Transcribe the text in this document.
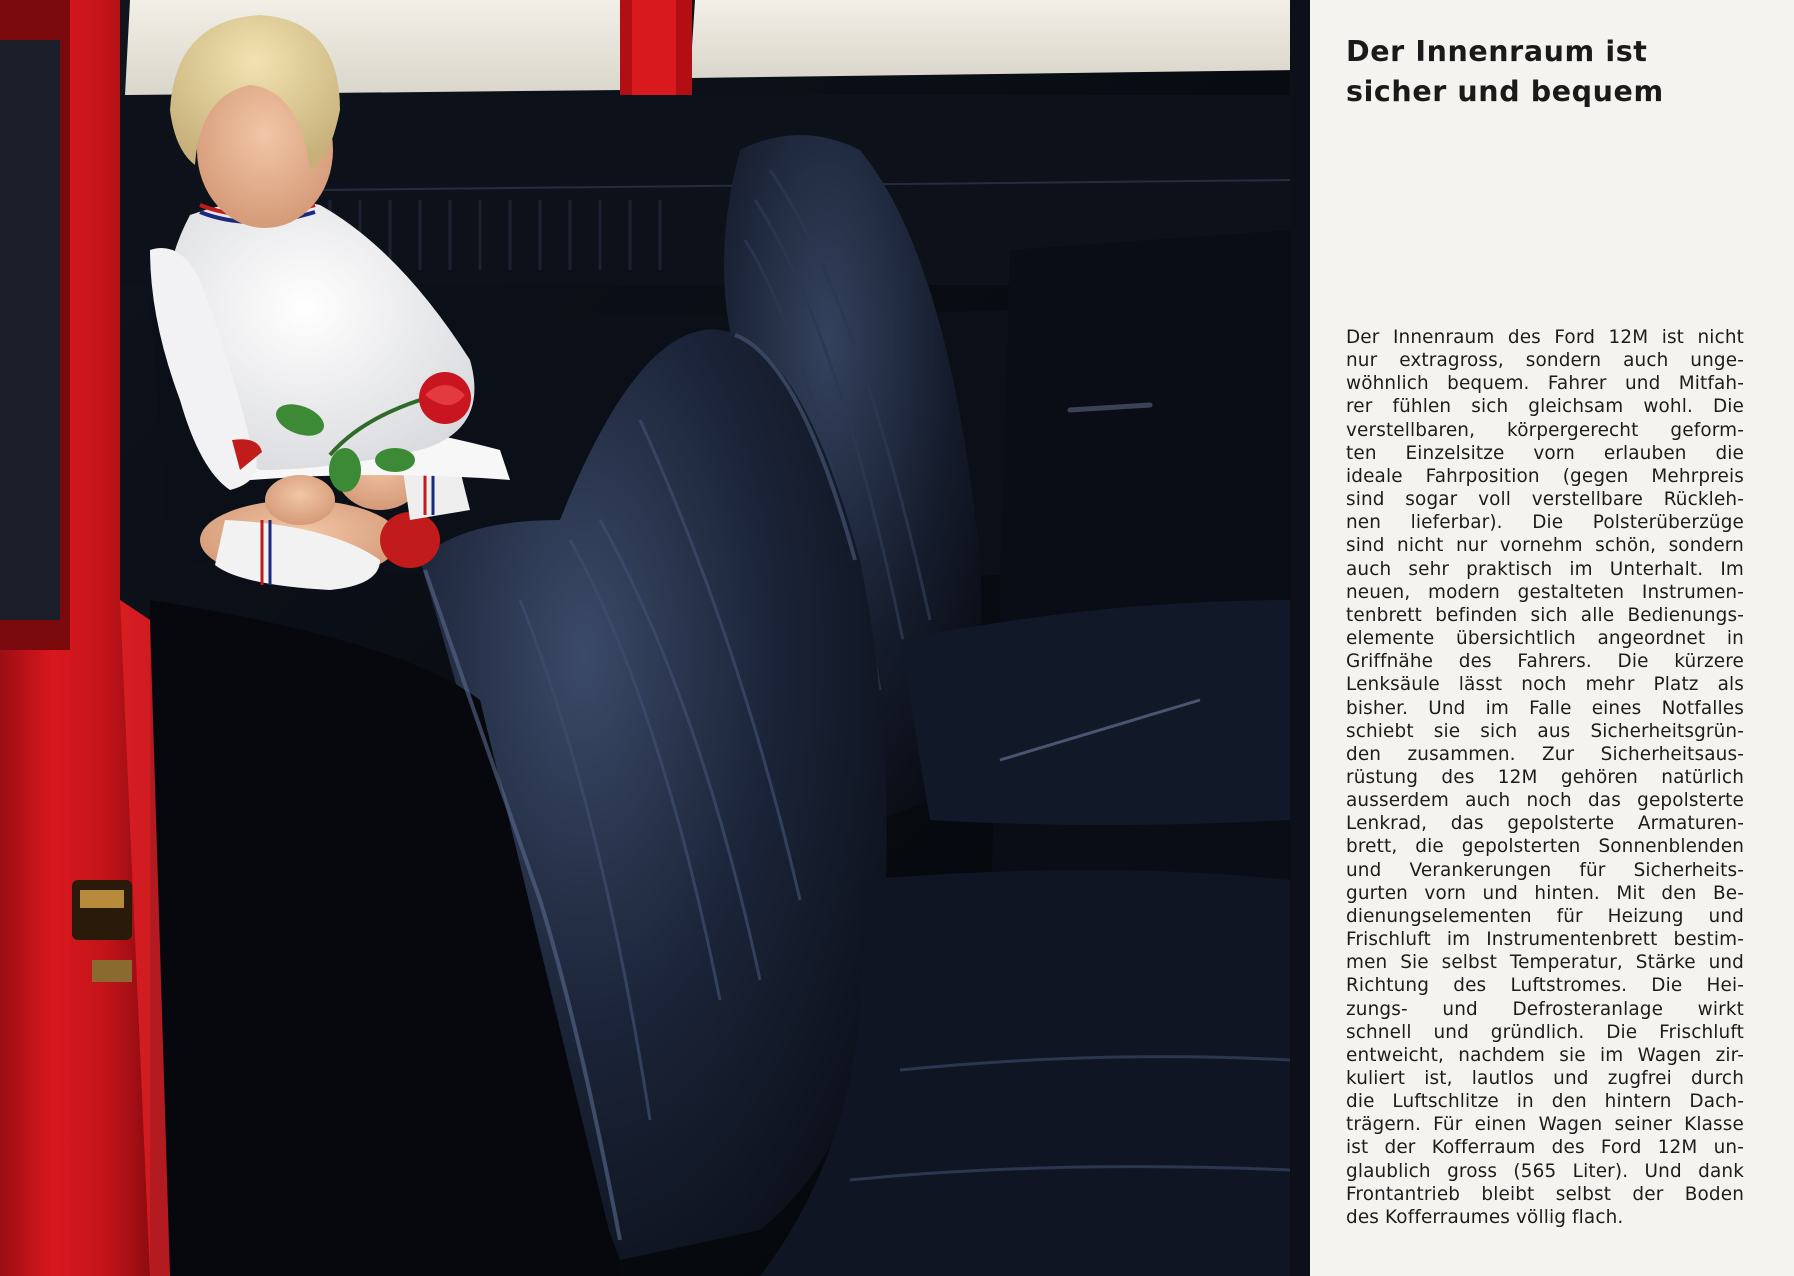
Der Innenraum ist
sicher und bequem

Der Innenraum des Ford 12M ist nicht
nur extragross, sondern auch unge-
wöhnlich bequem. Fahrer und Mitfah-
rer fühlen sich gleichsam wohl. Die
verstellbaren, körpergerecht geform-
ten Einzelsitze vorn erlauben die
ideale Fahrposition (gegen Mehrpreis
sind sogar voll verstellbare Rücklеh-
nen lieferbar). Die Polsterüberzüge
sind nicht nur vornehm schön, sondern
auch sehr praktisch im Unterhalt. Im
neuen, modern gestalteten Instrumen-
tenbrett befinden sich alle Bedienungs-
elemente übersichtlich angeordnet in
Griffnähe des Fahrers. Die kürzere
Lenksäule lässt noch mehr Platz als
bisher. Und im Falle eines Notfalles
schiebt sie sich aus Sicherheitsgrün-
den zusammen. Zur Sicherheitsaus-
rüstung des 12M gehören natürlich
ausserdem auch noch das gepolsterte
Lenkrad, das gepolsterte Armaturen-
brett, die gepolsterten Sonnenblenden
und Verankerungen für Sicherheits-
gurten vorn und hinten. Mit den Be-
dienungselementen für Heizung und
Frischluft im Instrumentenbrett bestim-
men Sie selbst Temperatur, Stärke und
Richtung des Luftstromes. Die Hei-
zungs- und Defrosteranlage wirkt
schnell und gründlich. Die Frischluft
entweicht, nachdem sie im Wagen zir-
kuliert ist, lautlos und zugfrei durch
die Luftschlitze in den hintern Dach-
trägern. Für einen Wagen seiner Klasse
ist der Kofferraum des Ford 12M un-
glaublich gross (565 Liter). Und dank
Frontantrieb bleibt selbst der Boden
des Kofferraumes völlig flach.
